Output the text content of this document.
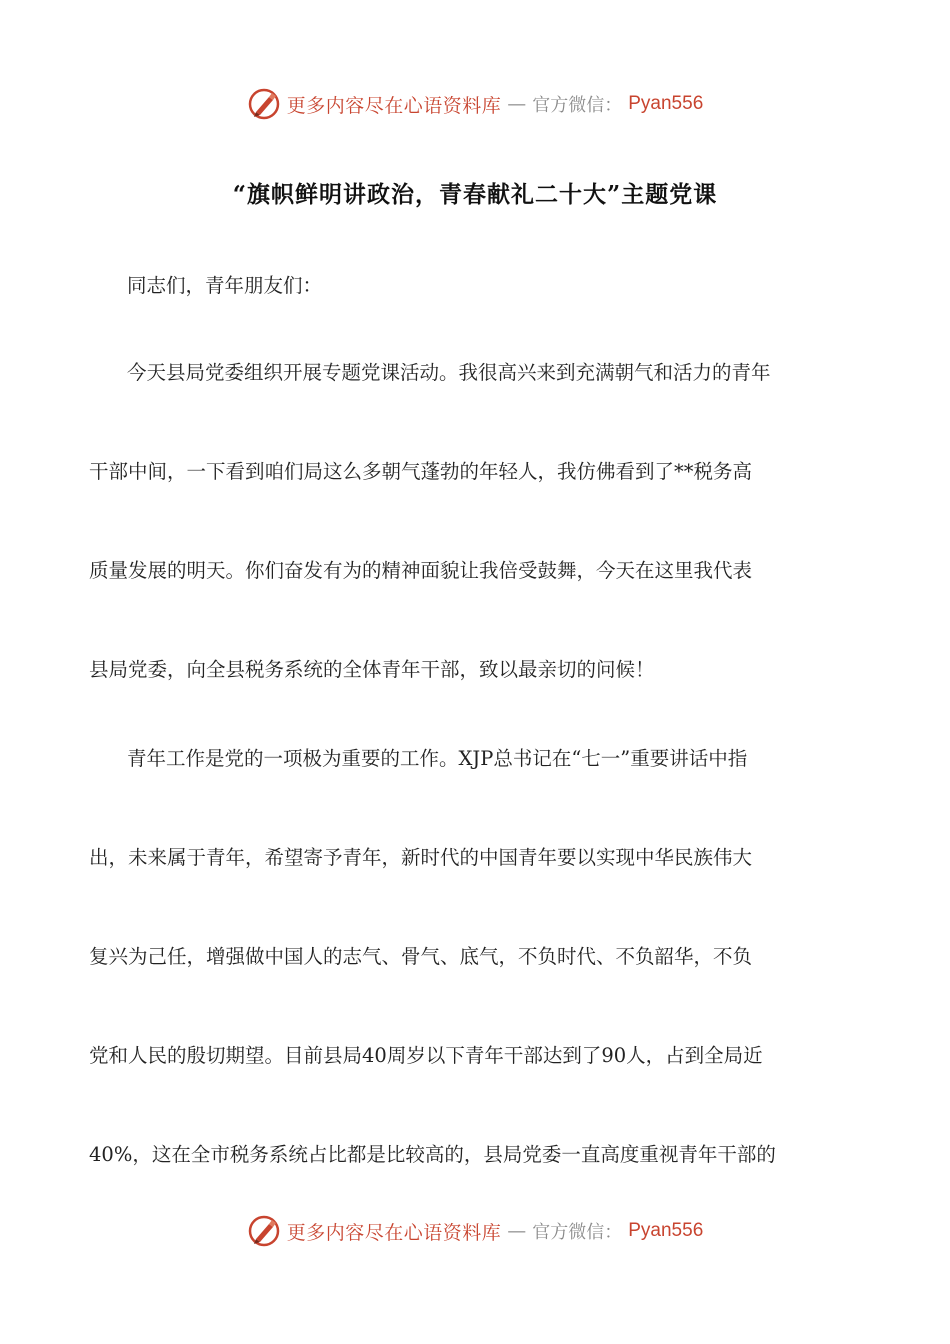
更多内容尽在心语资料库 — 官方微信： Pyan556
“旗帜鲜明讲政治，青春献礼二十大”主题党课

同志们，青年朋友们：

今天县局党委组织开展专题党课活动。我很高兴来到充满朝气和活力的青年

干部中间，一下看到咱们局这么多朝气蓬勃的年轻人，我仿佛看到了**税务高

质量发展的明天。你们奋发有为的精神面貌让我倍受鼓舞，今天在这里我代表

县局党委，向全县税务系统的全体青年干部，致以最亲切的问候！

青年工作是党的一项极为重要的工作。XJP总书记在“七一”重要讲话中指

出，未来属于青年，希望寄予青年，新时代的中国青年要以实现中华民族伟大

复兴为己任，增强做中国人的志气、骨气、底气，不负时代、不负韶华，不负

党和人民的殷切期望。目前县局40周岁以下青年干部达到了90人，占到全局近

40%，这在全市税务系统占比都是比较高的，县局党委一直高度重视青年干部的

更多内容尽在心语资料库 — 官方微信： Pyan556
